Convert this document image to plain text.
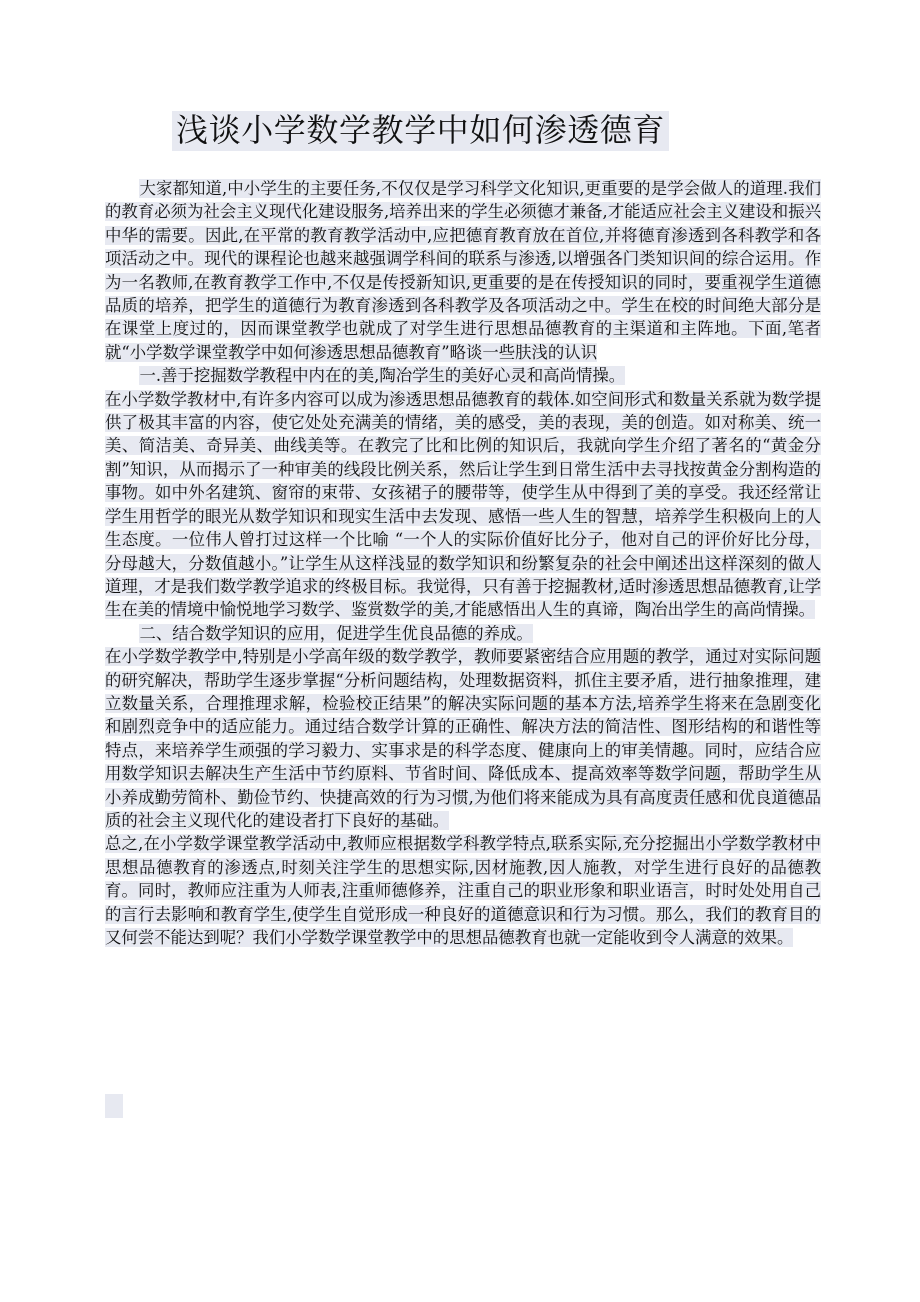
浅谈小学数学教学中如何渗透德育

大家都知道,中小学生的主要任务,不仅仅是学习科学文化知识,更重要的是学会做人的道理.我们的教育必须为社会主义现代化建设服务,培养出来的学生必须德才兼备,才能适应社会主义建设和振兴中华的需要。因此,在平常的教育教学活动中,应把德育教育放在首位,并将德育渗透到各科教学和各项活动之中。现代的课程论也越来越强调学科间的联系与渗透,以增强各门类知识间的综合运用。作为一名教师,在教育教学工作中,不仅是传授新知识,更重要的是在传授知识的同时，要重视学生道德品质的培养，把学生的道德行为教育渗透到各科教学及各项活动之中。学生在校的时间绝大部分是在课堂上度过的，因而课堂教学也就成了对学生进行思想品德教育的主渠道和主阵地。下面,笔者就“小学数学课堂教学中如何渗透思想品德教育”略谈一些肤浅的认识

一.善于挖掘数学教程中内在的美,陶冶学生的美好心灵和高尚情操。

在小学数学教材中,有许多内容可以成为渗透思想品德教育的载体.如空间形式和数量关系就为数学提供了极其丰富的内容，使它处处充满美的情绪，美的感受，美的表现，美的创造。如对称美、统一美、简洁美、奇异美、曲线美等。在教完了比和比例的知识后，我就向学生介绍了著名的“黄金分割”知识，从而揭示了一种审美的线段比例关系，然后让学生到日常生活中去寻找按黄金分割构造的事物。如中外名建筑、窗帘的束带、女孩裙子的腰带等，使学生从中得到了美的享受。我还经常让学生用哲学的眼光从数学知识和现实生活中去发现、感悟一些人生的智慧，培养学生积极向上的人生态度。一位伟人曾打过这样一个比喻 “一个人的实际价值好比分子，他对自己的评价好比分母，分母越大，分数值越小。”让学生从这样浅显的数学知识和纷繁复杂的社会中阐述出这样深刻的做人道理，才是我们数学教学追求的终极目标。我觉得，只有善于挖掘教材,适时渗透思想品德教育,让学生在美的情境中愉悦地学习数学、鉴赏数学的美,才能感悟出人生的真谛，陶冶出学生的高尚情操。

二、结合数学知识的应用，促进学生优良品德的养成。

在小学数学教学中,特别是小学高年级的数学教学，教师要紧密结合应用题的教学，通过对实际问题的研究解决，帮助学生逐步掌握“分析问题结构，处理数据资料，抓住主要矛盾，进行抽象推理，建立数量关系，合理推理求解，检验校正结果”的解决实际问题的基本方法,培养学生将来在急剧变化和剧烈竞争中的适应能力。通过结合数学计算的正确性、解决方法的简洁性、图形结构的和谐性等特点，来培养学生顽强的学习毅力、实事求是的科学态度、健康向上的审美情趣。同时，应结合应用数学知识去解决生产生活中节约原料、节省时间、降低成本、提高效率等数学问题，帮助学生从小养成勤劳简朴、勤俭节约、快捷高效的行为习惯,为他们将来能成为具有高度责任感和优良道德品质的社会主义现代化的建设者打下良好的基础。

总之,在小学数学课堂教学活动中,教师应根据数学科教学特点,联系实际,充分挖掘出小学数学教材中思想品德教育的渗透点,时刻关注学生的思想实际,因材施教,因人施教，对学生进行良好的品德教育。同时，教师应注重为人师表,注重师德修养，注重自己的职业形象和职业语言，时时处处用自己的言行去影响和教育学生,使学生自觉形成一种良好的道德意识和行为习惯。那么，我们的教育目的又何尝不能达到呢？我们小学数学课堂教学中的思想品德教育也就一定能收到令人满意的效果。
